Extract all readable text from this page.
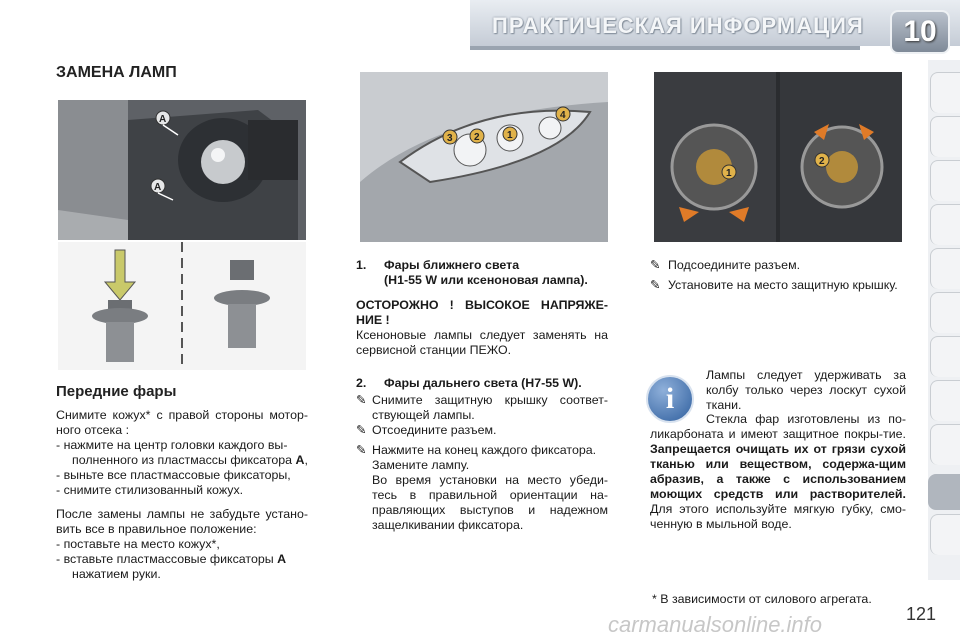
ПРАКТИЧЕСКАЯ ИНФОРМАЦИЯ	10
ЗАМЕНА ЛАМП
A
A
3 2	1
4
1
2
Передние фары
Снимите кожух* с правой стороны мотор-ного отсека :
- нажмите на центр головки каждого вы-
полненного из пластмассы фиксатора A,
- выньте все пластмассовые фиксаторы,
- снимите стилизованный кожух.
После замены лампы не забудьте устано-вить все в правильное положение:
- поставьте на место кожух*,
- вставьте пластмассовые фиксаторы A
нажатием руки.
1. Фары ближнего света
(H1-55 W или ксеноновая лампа).
ОСТОРОЖНО ! ВЫСОКОЕ НАПРЯЖЕ-НИЕ !
Ксеноновые лампы следует заменять на сервисной станции ПЕЖО.
2. Фары дальнего света (H7-55 W).
✎ Снимите защитную крышку соответ-ствующей лампы.
✎ Отсоедините разъем.
✎ Нажмите на конец каждого фиксатора. Замените лампу.
Во время установки на место убеди-тесь в правильной ориентации на-правляющих выступов и надежном защелкивании фиксатора.
✎ Подсоедините разъем.
✎ Установите на место защитную крышку.
i
Лампы следует удерживать за колбу только через лоскут сухой ткани.
Стекла фар изготовлены из по-ликарбоната и имеют защитное покры-тие. Запрещается очищать их от грязи сухой тканью или веществом, содержа-щим абразив, а также с использованием моющих средств или растворителей. Для этого используйте мягкую губку, смо-ченную в мыльной воде.
* В зависимости от силового агрегата.
carmanualsonline.info	121
